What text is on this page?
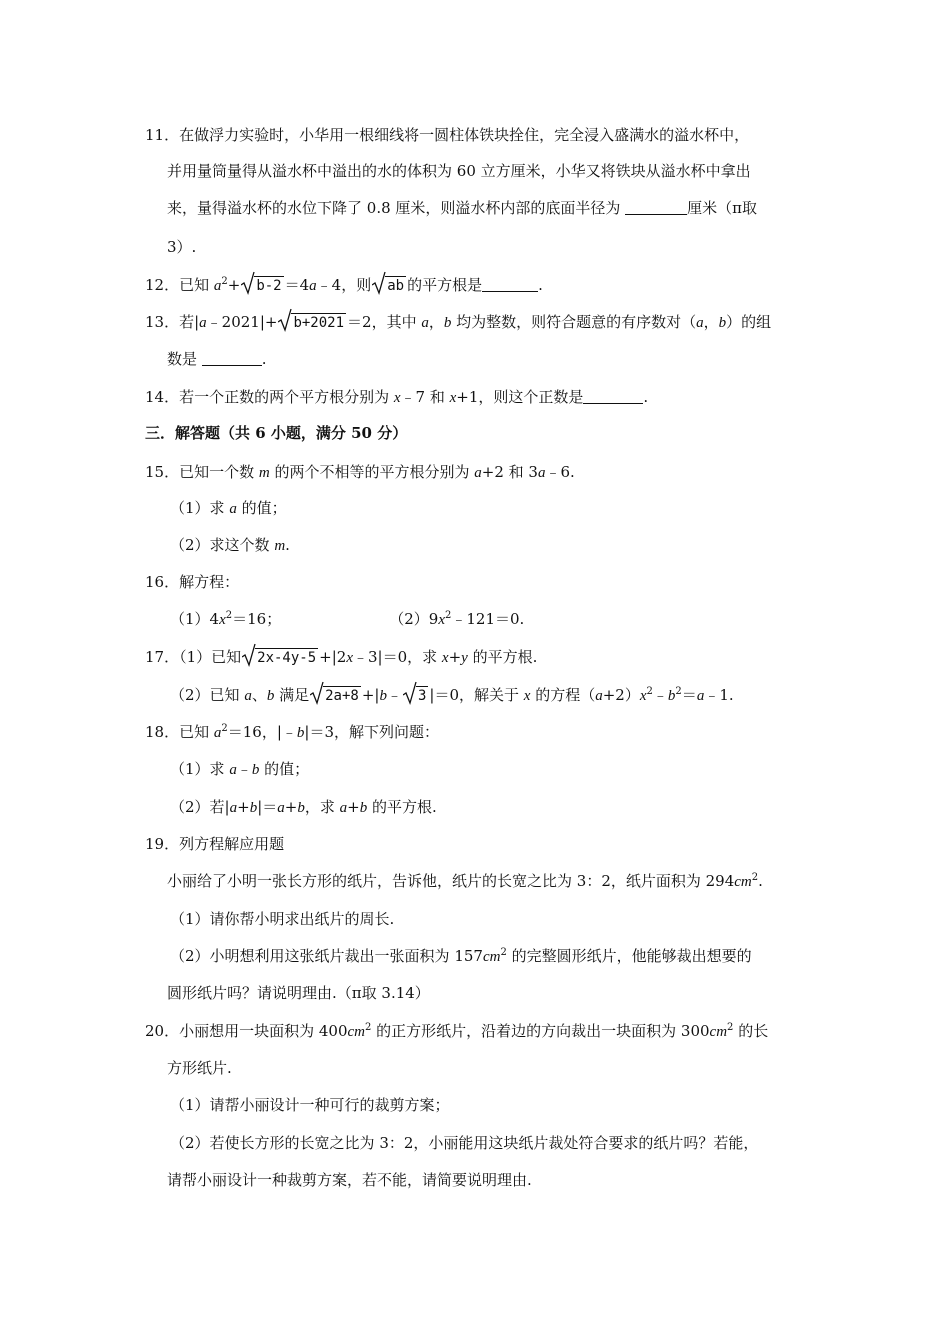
11．在做浮力实验时，小华用一根细线将一圆柱体铁块拴住，完全浸入盛满水的溢水杯中，
并用量筒量得从溢水杯中溢出的水的体积为 60 立方厘米，小华又将铁块从溢水杯中拿出
来，量得溢水杯的水位下降了 0.8 厘米，则溢水杯内部的底面半径为	厘米（π取
3）.
12．已知 $a^2+ b-2$ ＝4a﹣4，则 ab 的平方根是	.
13．若|a﹣2021|+ b+2021 ＝2，其中 a，b 均为整数，则符合题意的有序数对（a，b）的组
数是	.
14．若一个正数的两个平方根分别为 x﹣7 和 x+1，则这个正数是	.
三．解答题（共 6 小题，满分 50 分）
15．已知一个数 m 的两个不相等的平方根分别为 a+2 和 3a﹣6.
（1）求 a 的值；
（2）求这个数 m.
16．解方程：
$(1)4x^2=16$；	$(2)9x^2﹣121=0$.
17．（1）已知 2x-4y-5 +|2x﹣3|＝0，求 x+y 的平方根.
（2）已知 a、b 满足 2a+8 +|b﹣ 3 |＝0，解关于 x 的方程$(a+2)x^2﹣b^2=a﹣1$.
18．已知 $a^2=16$，|﹣b|＝3，解下列问题：
（1）求 a﹣b 的值；
（2）若|a+b|＝a+b，求 a+b 的平方根.
19．列方程解应用题
小丽给了小明一张长方形的纸片，告诉他，纸片的长宽之比为 3：2，纸片面积为 $294cm^2$.
（1）请你帮小明求出纸片的周长.
（2）小明想利用这张纸片裁出一张面积为 $157cm^2$ 的完整圆形纸片，他能够裁出想要的
圆形纸片吗？请说明理由.（π取 3.14）
20．小丽想用一块面积为 $400cm^2$ 的正方形纸片，沿着边的方向裁出一块面积为 $300cm^2$ 的长
方形纸片.
（1）请帮小丽设计一种可行的裁剪方案；
（2）若使长方形的长宽之比为 3：2，小丽能用这块纸片裁处符合要求的纸片吗？若能，
请帮小丽设计一种裁剪方案，若不能，请简要说明理由.
